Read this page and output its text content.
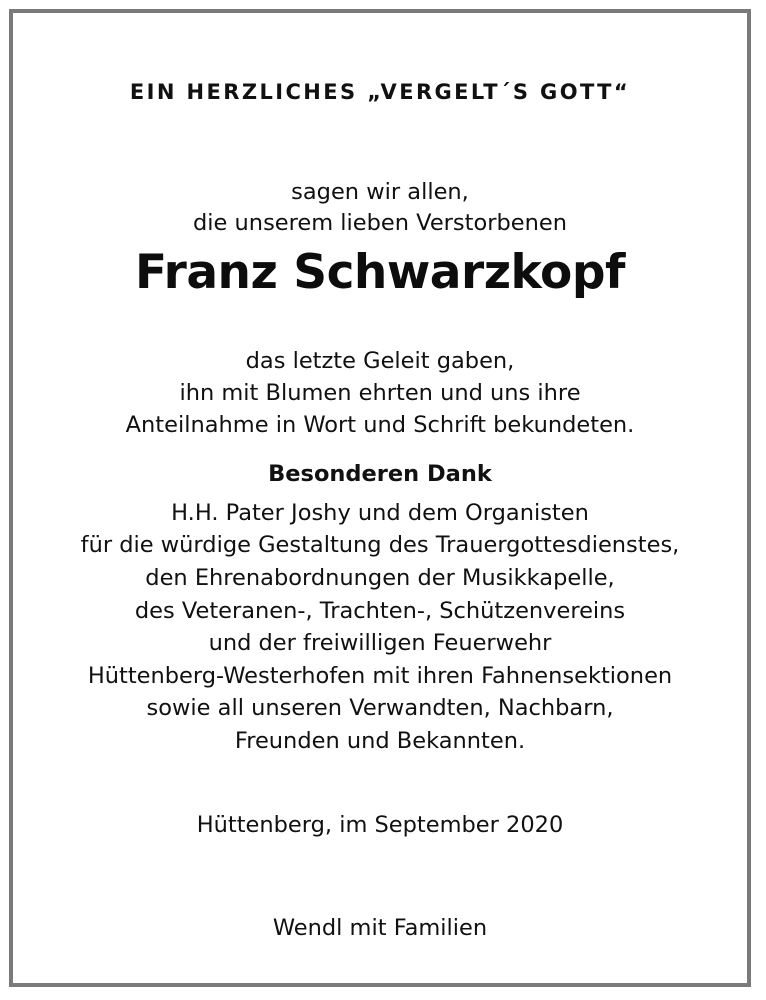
EIN HERZLICHES „VERGELT´S GOTT“
sagen wir allen,
die unserem lieben Verstorbenen
Franz Schwarzkopf
das letzte Geleit gaben,
ihn mit Blumen ehrten und uns ihre
Anteilnahme in Wort und Schrift bekundeten.
Besonderen Dank
H.H. Pater Joshy und dem Organisten
für die würdige Gestaltung des Trauergottesdienstes,
den Ehrenabordnungen der Musikkapelle,
des Veteranen-, Trachten-, Schützenvereins
und der freiwilligen Feuerwehr
Hüttenberg-Westerhofen mit ihren Fahnensektionen
sowie all unseren Verwandten, Nachbarn,
Freunden und Bekannten.
Hüttenberg, im September 2020
Wendl mit Familien
